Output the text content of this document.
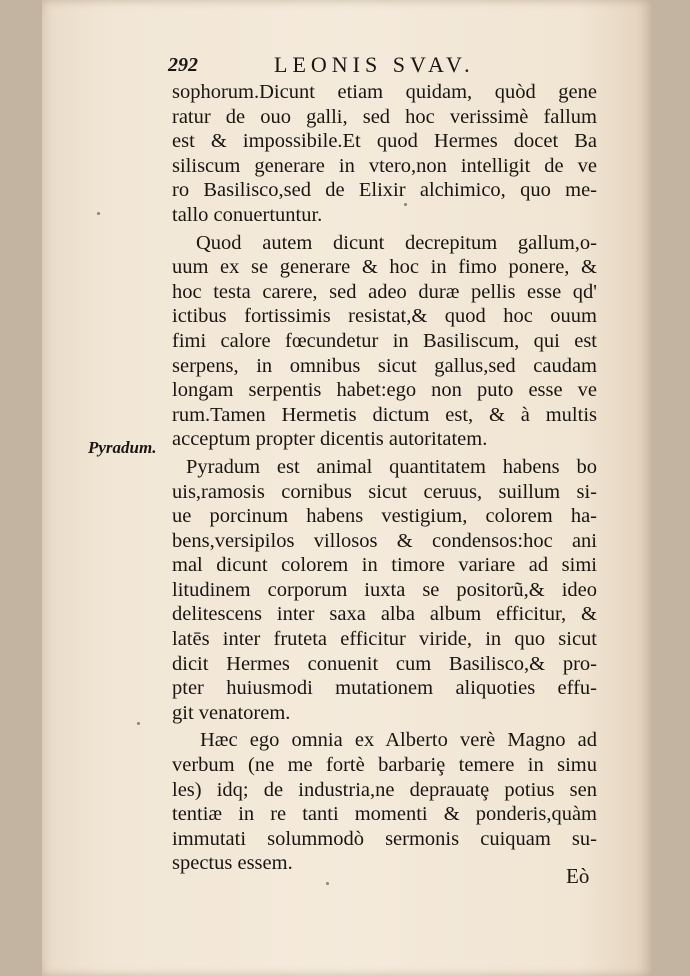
292	LEONIS SVAV.
Pyradum.
sophorum.Dicunt etiam quidam, quòd gene
ratur de ouo galli, sed hoc verissimè fallum
est & impossibile.Et quod Hermes docet Ba
siliscum generare in vtero,non intelligit de ve
ro Basilisco,sed de Elixir alchimico, quo me-
tallo conuertuntur.
Quod autem dicunt decrepitum gallum,o-
uum ex se generare & hoc in fimo ponere, &
hoc testa carere, sed adeo duræ pellis esse qd'
ictibus fortissimis resistat,& quod hoc ouum
fimi calore fœcundetur in Basiliscum, qui est
serpens, in omnibus sicut gallus,sed caudam
longam serpentis habet:ego non puto esse ve
rum.Tamen Hermetis dictum est, & à multis
acceptum propter dicentis autoritatem.
Pyradum est animal quantitatem habens bo
uis,ramosis cornibus sicut ceruus, suillum si-
ue porcinum habens vestigium, colorem ha-
bens,versipilos villosos & condensos:hoc ani
mal dicunt colorem in timore variare ad simi
litudinem corporum iuxta se positorũ,& ideo
delitescens inter saxa alba album efficitur, &
latēs inter fruteta efficitur viride, in quo sicut
dicit Hermes conuenit cum Basilisco,& pro-
pter huiusmodi mutationem aliquoties effu-
git venatorem.
Hæc ego omnia ex Alberto verè Magno ad
verbum (ne me fortè barbariȩ temere in simu
les) idq; de industria,ne deprauatȩ potius sen
tentiæ in re tanti momenti & ponderis,quàm
immutati solummodò sermonis cuiquam su-
spectus essem.
Eò
